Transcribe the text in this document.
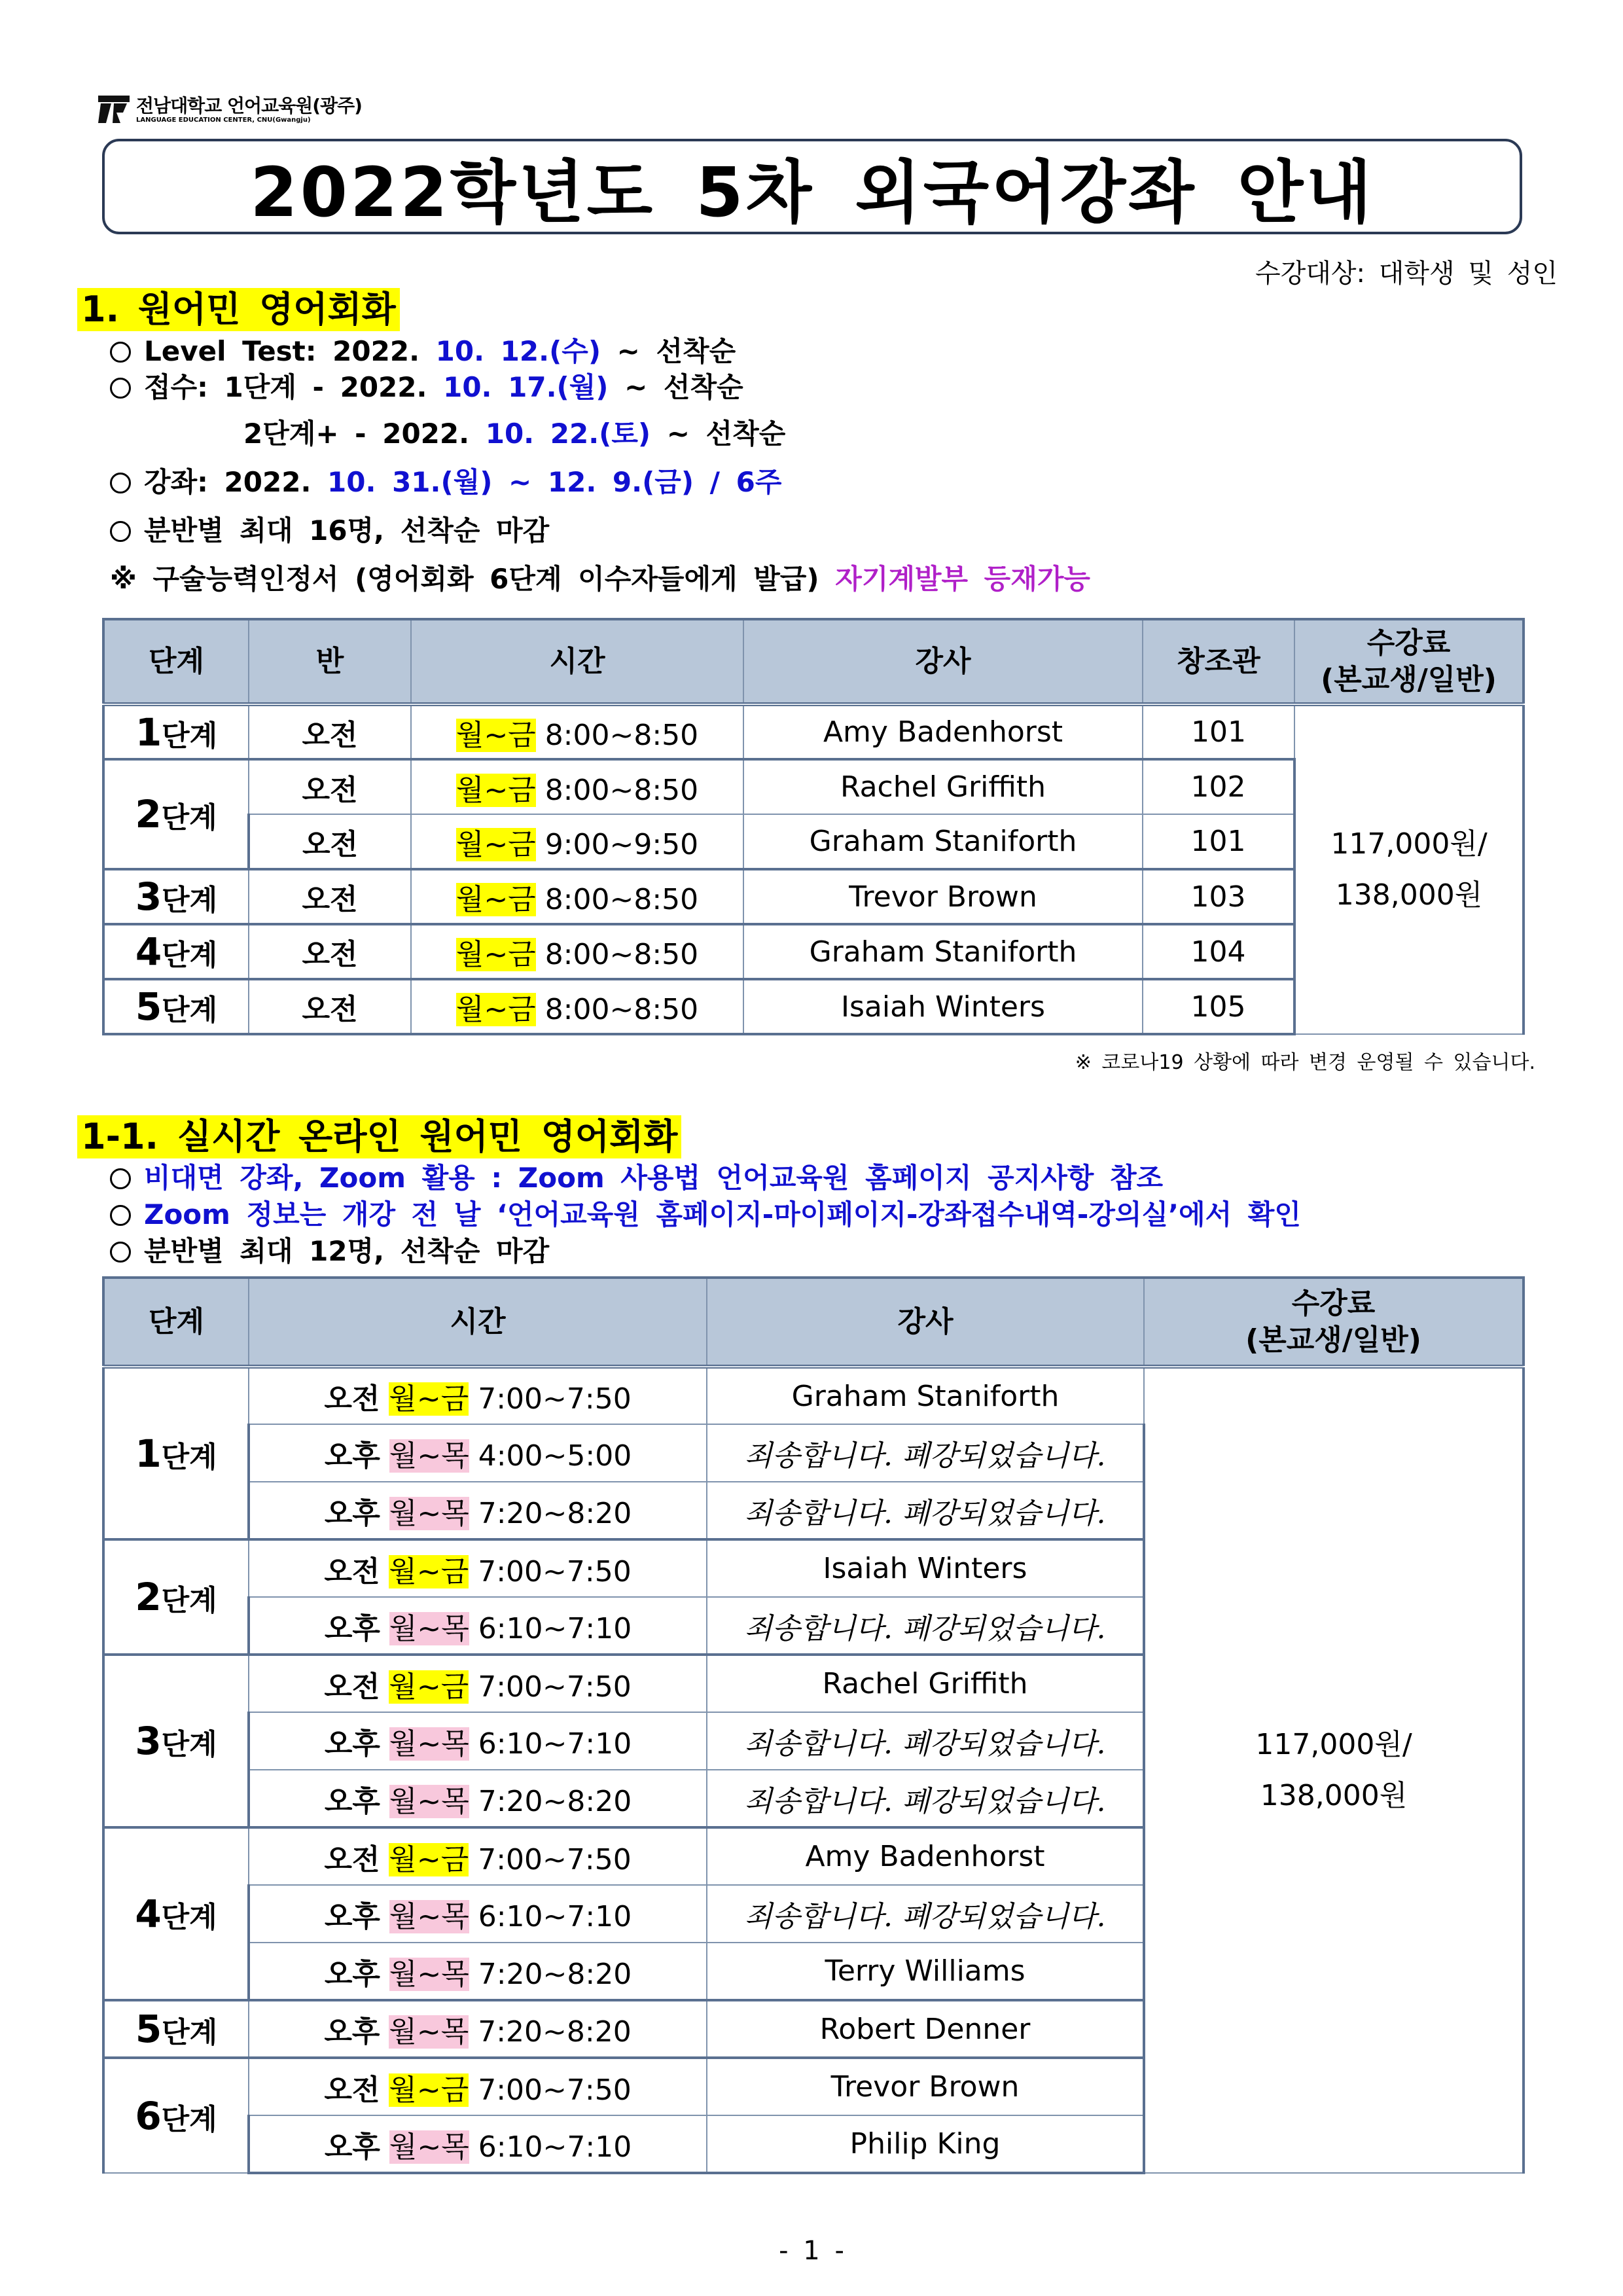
전남대학교 언어교육원(광주)
LANGUAGE EDUCATION CENTER, CNU(Gwangju)
2022학년도 5차 외국어강좌 안내
수강대상: 대학생 및 성인
1. 원어민 영어회화
Level Test: 2022. 10. 12.(수) ~ 선착순
접수: 1단계 - 2022. 10. 17.(월) ~ 선착순
2단계+ - 2022. 10. 22.(토) ~ 선착순
강좌: 2022. 10. 31.(월) ~ 12. 9.(금) / 6주
분반별 최대 16명, 선착순 마감
※ 구술능력인정서 (영어회화 6단계 이수자들에게 발급) 자기계발부 등재가능
단계	반	시간	강사	창조관	수강료
(본교생/일반)
1단계	오전	월~금 8:00~8:50	Amy Badenhorst	101	117,000원/
138,000원
2단계	오전	월~금 8:00~8:50	Rachel Griffith	102	
	오전	월~금 9:00~9:50	Graham Staniforth	101	
3단계	오전	월~금 8:00~8:50	Trevor Brown	103	
4단계	오전	월~금 8:00~8:50	Graham Staniforth	104	
5단계	오전	월~금 8:00~8:50	Isaiah Winters	105	
※ 코로나19 상황에 따라 변경 운영될 수 있습니다.
1-1. 실시간 온라인 원어민 영어회화
비대면 강좌, Zoom 활용 : Zoom 사용법 언어교육원 홈페이지 공지사항 참조
Zoom 정보는 개강 전 날 ‘언어교육원 홈페이지-마이페이지-강좌접수내역-강의실’에서 확인
분반별 최대 12명, 선착순 마감
단계	시간	강사	수강료
(본교생/일반)
1단계	오전 월~금 7:00~7:50	Graham Staniforth	117,000원/
138,000원
	오후 월~목 4:00~5:00	죄송합니다. 폐강되었습니다.	
	오후 월~목 7:20~8:20	죄송합니다. 폐강되었습니다.	
2단계	오전 월~금 7:00~7:50	Isaiah Winters	
	오후 월~목 6:10~7:10	죄송합니다. 폐강되었습니다.	
3단계	오전 월~금 7:00~7:50	Rachel Griffith	
	오후 월~목 6:10~7:10	죄송합니다. 폐강되었습니다.	
	오후 월~목 7:20~8:20	죄송합니다. 폐강되었습니다.	
4단계	오전 월~금 7:00~7:50	Amy Badenhorst	
	오후 월~목 6:10~7:10	죄송합니다. 폐강되었습니다.	
	오후 월~목 7:20~8:20	Terry Williams	
5단계	오후 월~목 7:20~8:20	Robert Denner	
6단계	오전 월~금 7:00~7:50	Trevor Brown	
	오후 월~목 6:10~7:10	Philip King	
- 1 -
